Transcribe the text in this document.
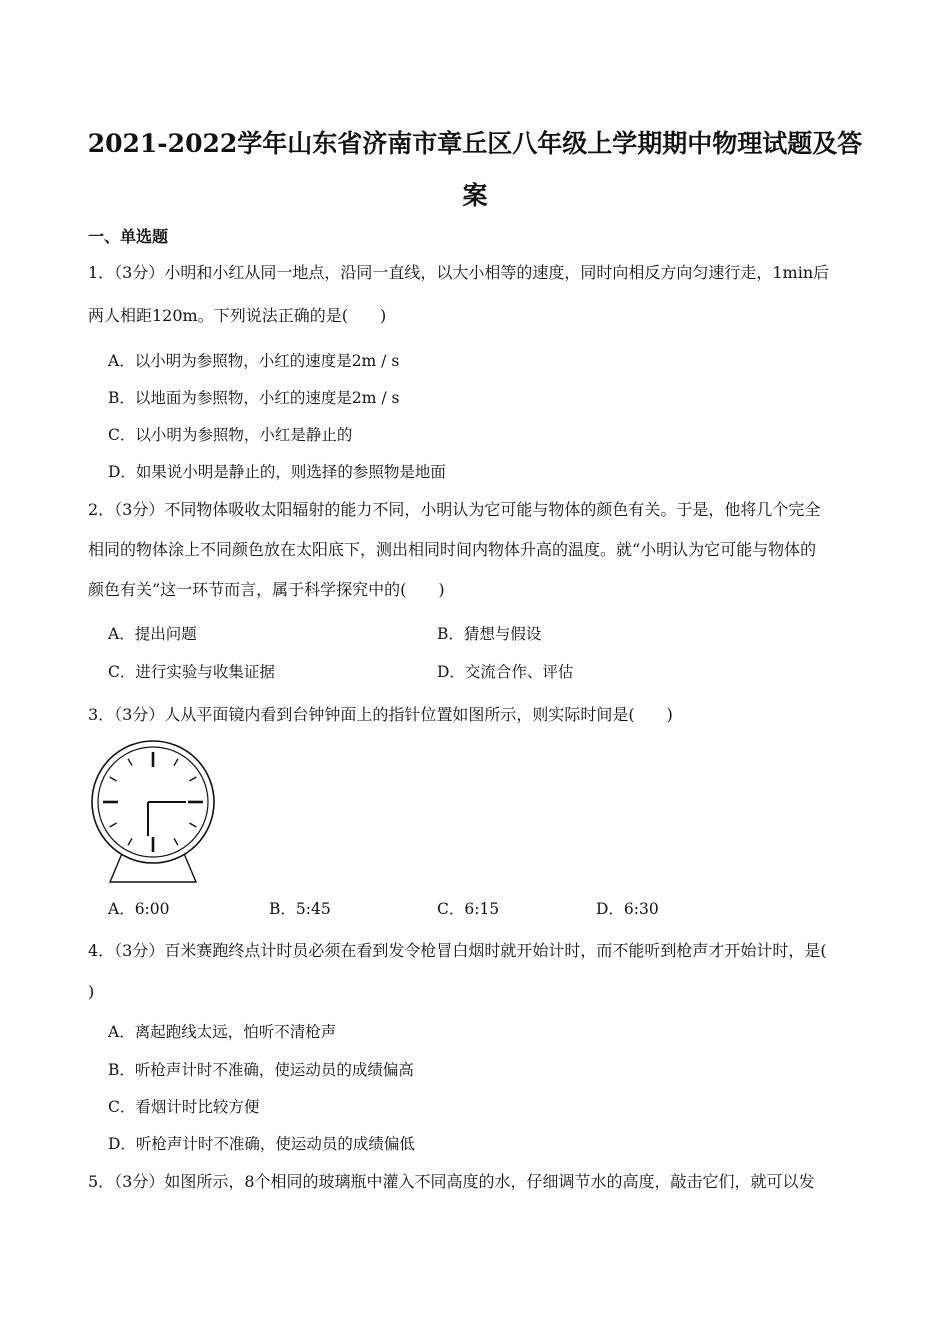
2021-2022学年山东省济南市章丘区八年级上学期期中物理试题及答
案
一、单选题
1．（3分）小明和小红从同一地点，沿同一直线，以大小相等的速度，同时向相反方向匀速行走，1min后
两人相距120m。下列说法正确的是(　　)
A．以小明为参照物，小红的速度是2m / s
B．以地面为参照物，小红的速度是2m / s
C．以小明为参照物，小红是静止的
D．如果说小明是静止的，则选择的参照物是地面
2．（3分）不同物体吸收太阳辐射的能力不同，小明认为它可能与物体的颜色有关。于是，他将几个完全
相同的物体涂上不同颜色放在太阳底下，测出相同时间内物体升高的温度。就“小明认为它可能与物体的
颜色有关”这一环节而言，属于科学探究中的(　　)
A．提出问题	B．猜想与假设
C．进行实验与收集证据	D．交流合作、评估
3．（3分）人从平面镜内看到台钟钟面上的指针位置如图所示，则实际时间是(　　)
A．6:00	B．5:45	C．6:15	D．6:30
4．（3分）百米赛跑终点计时员必须在看到发令枪冒白烟时就开始计时，而不能听到枪声才开始计时，是(
)
A．离起跑线太远，怕听不清枪声
B．听枪声计时不准确，使运动员的成绩偏高
C．看烟计时比较方便
D．听枪声计时不准确，使运动员的成绩偏低
5．（3分）如图所示，8个相同的玻璃瓶中灌入不同高度的水，仔细调节水的高度，敲击它们，就可以发
